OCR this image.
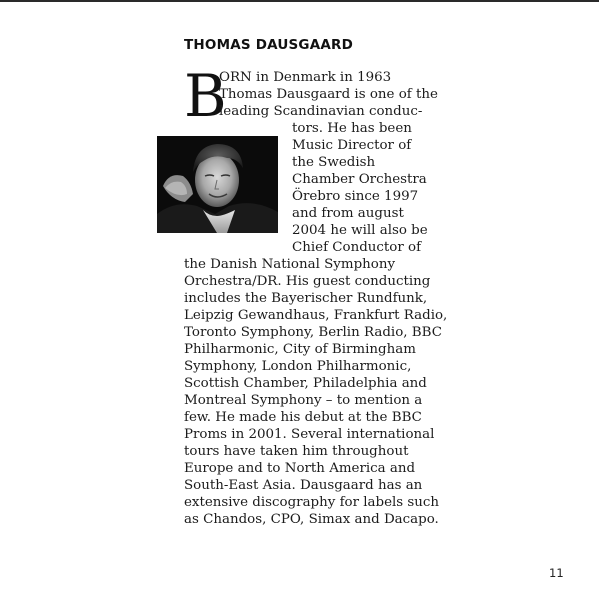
THOMAS DAUSGAARD
B
ORN in Denmark in 1963
Thomas Dausgaard is one of the
leading Scandinavian conduc-
tors. He has been
Music Director of
the Swedish
Chamber Orchestra
Örebro since 1997
and from august
2004 he will also be
Chief Conductor of
the Danish National Symphony
Orchestra/DR. His guest conducting
includes the Bayerischer Rundfunk,
Leipzig Gewandhaus, Frankfurt Radio,
Toronto Symphony, Berlin Radio, BBC
Philharmonic, City of Birmingham
Symphony, London Philharmonic,
Scottish Chamber, Philadelphia and
Montreal Symphony – to mention a
few. He made his debut at the BBC
Proms in 2001. Several international
tours have taken him throughout
Europe and to North America and
South-East Asia. Dausgaard has an
extensive discography for labels such
as Chandos, CPO, Simax and Dacapo.
11
